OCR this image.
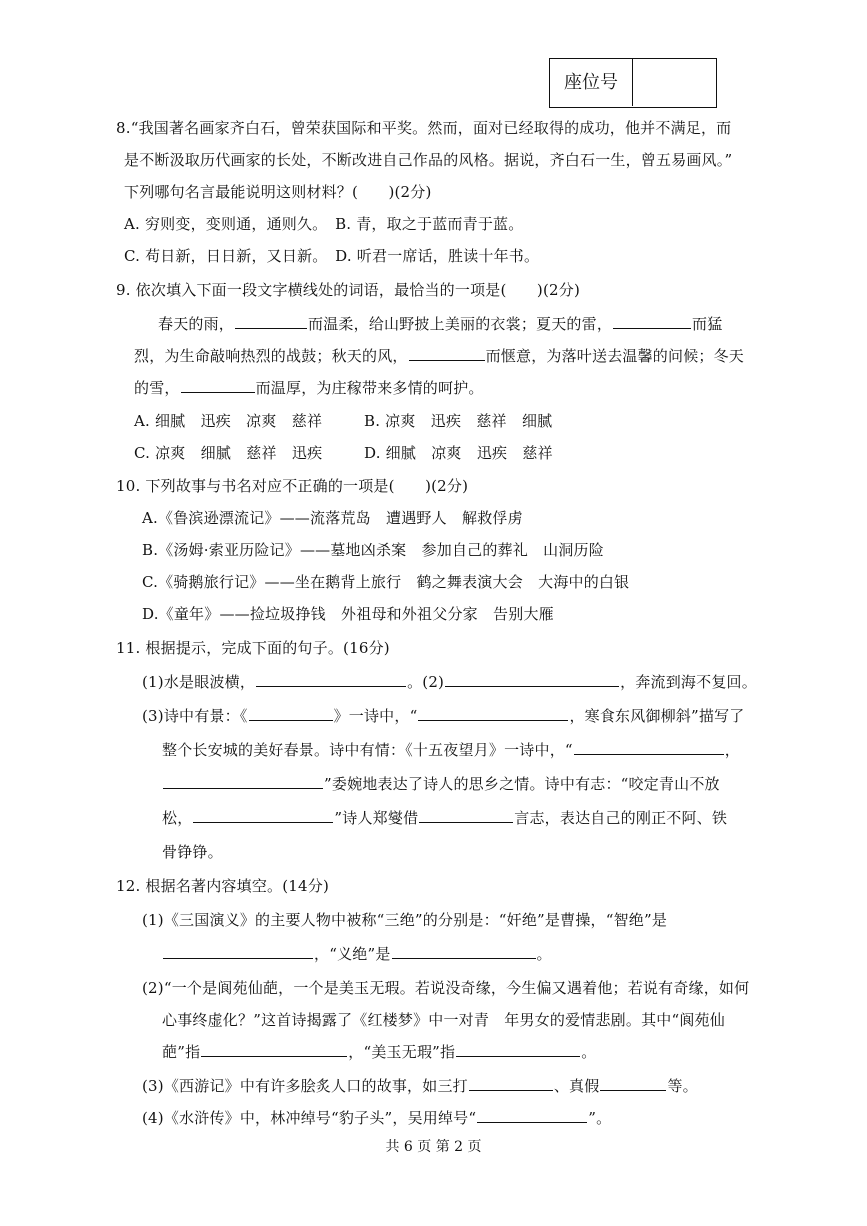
座位号
8.“我国著名画家齐白石，曾荣获国际和平奖。然而，面对已经取得的成功，他并不满足，而
是不断汲取历代画家的长处，不断改进自己作品的风格。据说，齐白石一生，曾五易画风。”
下列哪句名言最能说明这则材料？(　　)(2分)
A. 穷则变，变则通，通则久。　B. 青，取之于蓝而青于蓝。
C. 苟日新，日日新，又日新。　D. 听君一席话，胜读十年书。
9. 依次填入下面一段文字横线处的词语，最恰当的一项是(　　)(2分)
春天的雨，	而温柔，给山野披上美丽的衣裳；夏天的雷，	而猛
烈，为生命敲响热烈的战鼓；秋天的风，	而惬意，为落叶送去温馨的问候；冬天
的雪，	而温厚，为庄稼带来多情的呵护。
A. 细腻　迅疾　凉爽　慈祥	B. 凉爽　迅疾　慈祥　细腻
C. 凉爽　细腻　慈祥　迅疾	D. 细腻　凉爽　迅疾　慈祥
10. 下列故事与书名对应不正确的一项是(　　)(2分)
A.《鲁滨逊漂流记》——流落荒岛　遭遇野人　解救俘虏
B.《汤姆·索亚历险记》——墓地凶杀案　参加自己的葬礼　山洞历险
C.《骑鹅旅行记》——坐在鹅背上旅行　鹤之舞表演大会　大海中的白银
D.《童年》——捡垃圾挣钱　外祖母和外祖父分家　告别大雁
11. 根据提示，完成下面的句子。(16分)
(1)水是眼波横，	。(2)	，奔流到海不复回。
(3)诗中有景：《	》一诗中，“	，寒食东风御柳斜”描写了
整个长安城的美好春景。诗中有情：《十五夜望月》一诗中，“	，
”委婉地表达了诗人的思乡之情。诗中有志：“咬定青山不放
松，	”诗人郑燮借	言志，表达自己的刚正不阿、铁
骨铮铮。
12. 根据名著内容填空。(14分)
(1)《三国演义》的主要人物中被称“三绝”的分别是：“奸绝”是曹操，“智绝”是
，“义绝”是	。
(2)“一个是阆苑仙葩，一个是美玉无瑕。若说没奇缘，今生偏又遇着他；若说有奇缘，如何
心事终虚化？”这首诗揭露了《红楼梦》中一对青　年男女的爱情悲剧。其中“阆苑仙
葩”指	，“美玉无瑕”指	。
(3)《西游记》中有许多脍炙人口的故事，如三打	、真假	等。
(4)《水浒传》中，林冲绰号“豹子头”，吴用绰号“	”。
共 6 页 第 2 页
